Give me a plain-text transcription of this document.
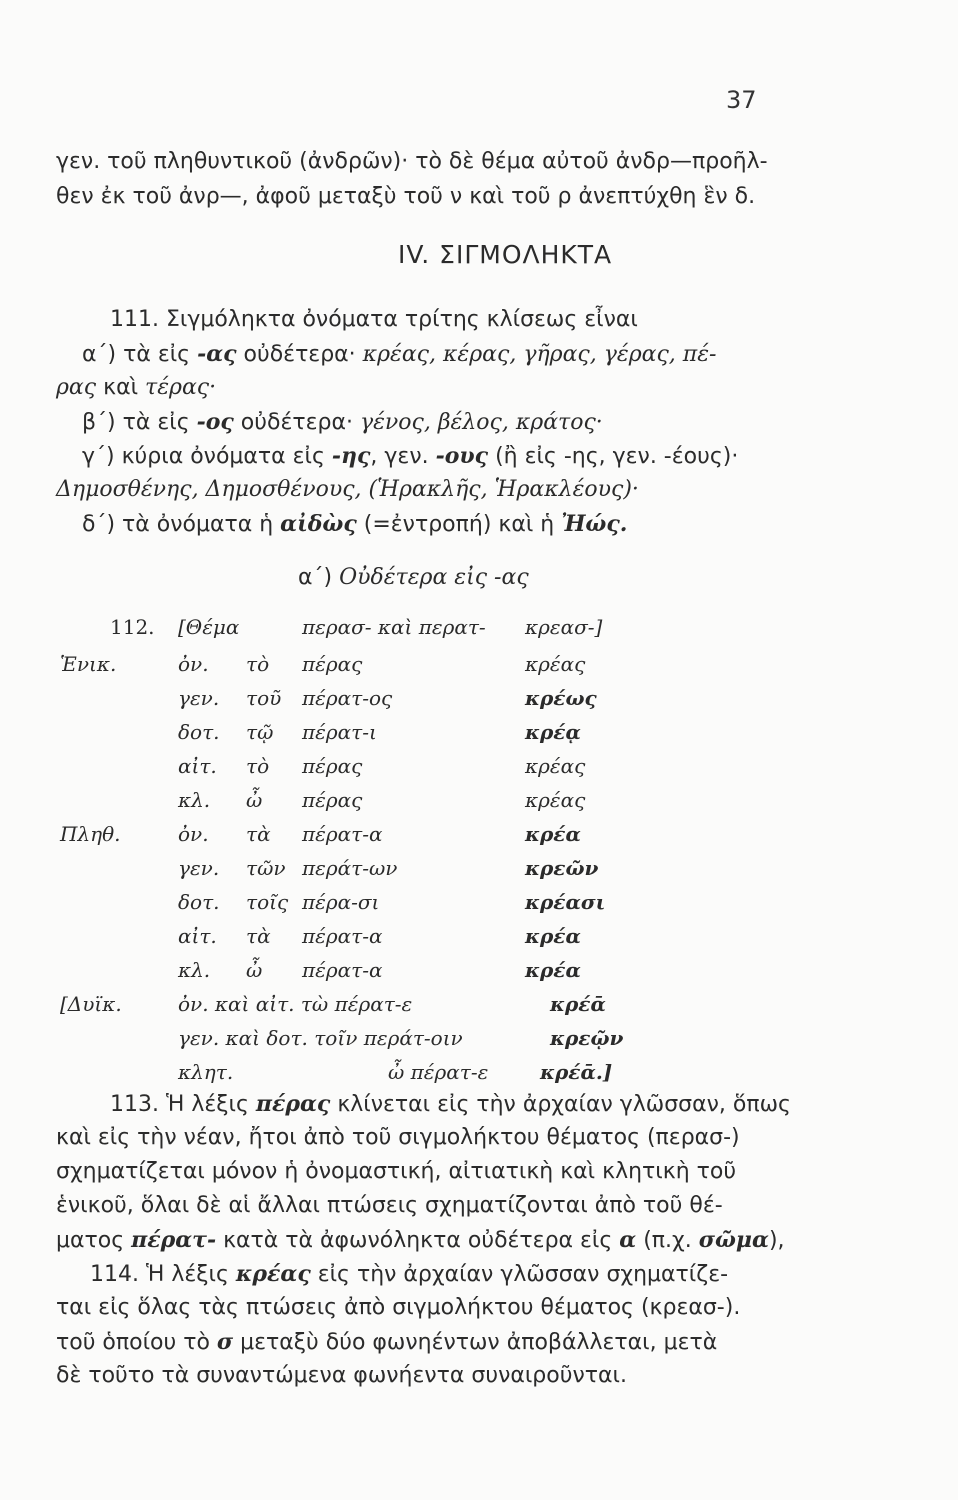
37
γεν. τοῦ πληθυντικοῦ (ἀνδρῶν)· τὸ δὲ θέμα αὐτοῦ ἀνδρ—προῆλ-
θεν ἐκ τοῦ ἀνρ—, ἀφοῦ μεταξὺ τοῦ ν καὶ τοῦ ρ ἀνεπτύχθη ἓν δ.
IV. ΣΙΓΜΟΛΗΚΤΑ
111. Σιγμόληκτα ὀνόματα τρίτης κλίσεως εἶναι
α΄) τὰ εἰς -ας οὐδέτερα· κρέας, κέρας, γῆρας, γέρας, πέ-
ρας καὶ τέρας·
β΄) τὰ εἰς -ος οὐδέτερα· γένος, βέλος, κράτος·
γ΄) κύρια ὀνόματα εἰς -ης, γεν. -ους (ἢ εἰς -ης, γεν. -έους)·
Δημοσθένης, Δημοσθένους, (Ἡρακλῆς, Ἡρακλέους)·
δ΄) τὰ ὀνόματα ἡ αἰδὼς (=ἐντροπή) καὶ ἡ Ἠώς.
α΄) Οὐδέτερα εἰς -ας
112. [Θέμα	περασ- καὶ περατ- κρεασ-]
Ἑνικ.	ὀν. τὸ πέρας	κρέας
γεν. τοῦ πέρατ-ος	κρέως
δοτ. τῷ πέρατ-ι	κρέᾳ
αἰτ. τὸ πέρας	κρέας
κλ. ὦ πέρας	κρέας
Πληθ.	ὀν. τὰ πέρατ-α	κρέα
γεν. τῶν περάτ-ων	κρεῶν
δοτ. τοῖς πέρα-σι	κρέασι
αἰτ. τὰ πέρατ-α	κρέα
κλ. ὦ πέρατ-α	κρέα
[Δυϊκ.	ὀν. καὶ αἰτ. τὼ πέρατ-ε	κρέᾱ
γεν. καὶ δοτ. τοῖν περάτ-οιν	κρεῷν
κλητ.	ὦ πέρατ-ε	κρέᾱ.]
113. Ἡ λέξις πέρας κλίνεται εἰς τὴν ἀρχαίαν γλῶσσαν, ὅπως
καὶ εἰς τὴν νέαν, ἤτοι ἀπὸ τοῦ σιγμολήκτου θέματος (περασ-)
σχηματίζεται μόνον ἡ ὀνομαστική, αἰτιατικὴ καὶ κλητικὴ τοῦ
ἑνικοῦ, ὅλαι δὲ αἱ ἄλλαι πτώσεις σχηματίζονται ἀπὸ τοῦ θέ-
ματος πέρατ- κατὰ τὰ ἀφωνόληκτα οὐδέτερα εἰς α (π.χ. σῶμα),
114. Ἡ λέξις κρέας εἰς τὴν ἀρχαίαν γλῶσσαν σχηματίζε-
ται εἰς ὅλας τὰς πτώσεις ἀπὸ σιγμολήκτου θέματος (κρεασ-).
τοῦ ὁποίου τὸ σ μεταξὺ δύο φωνηέντων ἀποβάλλεται, μετὰ
δὲ τοῦτο τὰ συναντώμενα φωνήεντα συναιροῦνται.
